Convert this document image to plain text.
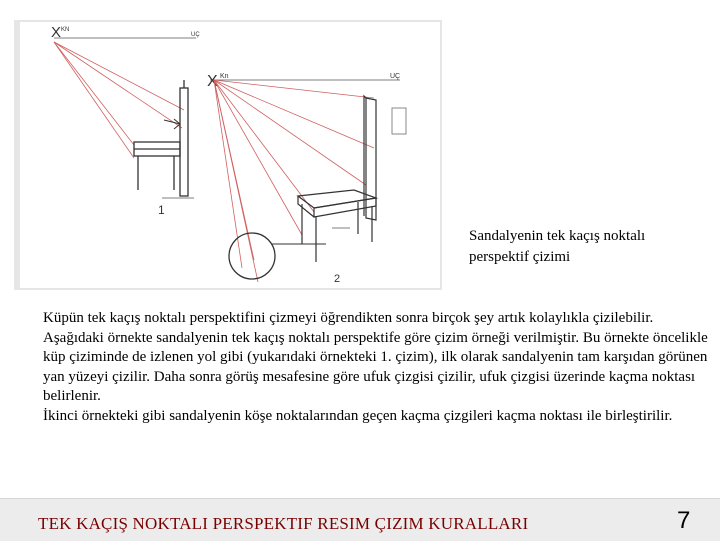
X KN
UÇ
1
X Kn	UÇ
2
Sandalyenin tek kaçış noktalı
perspektif çizimi

Küpün tek kaçış noktalı perspektifini çizmeyi öğrendikten sonra birçok şey artık kolaylıkla çizilebilir. Aşağıdaki örnekte sandalyenin tek kaçış noktalı perspektife göre çizim örneği verilmiştir. Bu örnekte öncelikle küp çiziminde de izlenen yol gibi (yukarıdaki örnekteki 1. çizim), ilk olarak sandalyenin tam karşıdan görünen yan yüzeyi çizilir. Daha sonra görüş mesafesine göre ufuk çizgisi çizilir, ufuk çizgisi üzerinde kaçma noktası belirlenir.

İkinci örnekteki gibi sandalyenin köşe noktalarından geçen kaçma çizgileri kaçma noktası ile birleştirilir.

TEK KAÇIŞ NOKTALI PERSPEKTIF RESIM ÇIZIM KURALLARI	7
